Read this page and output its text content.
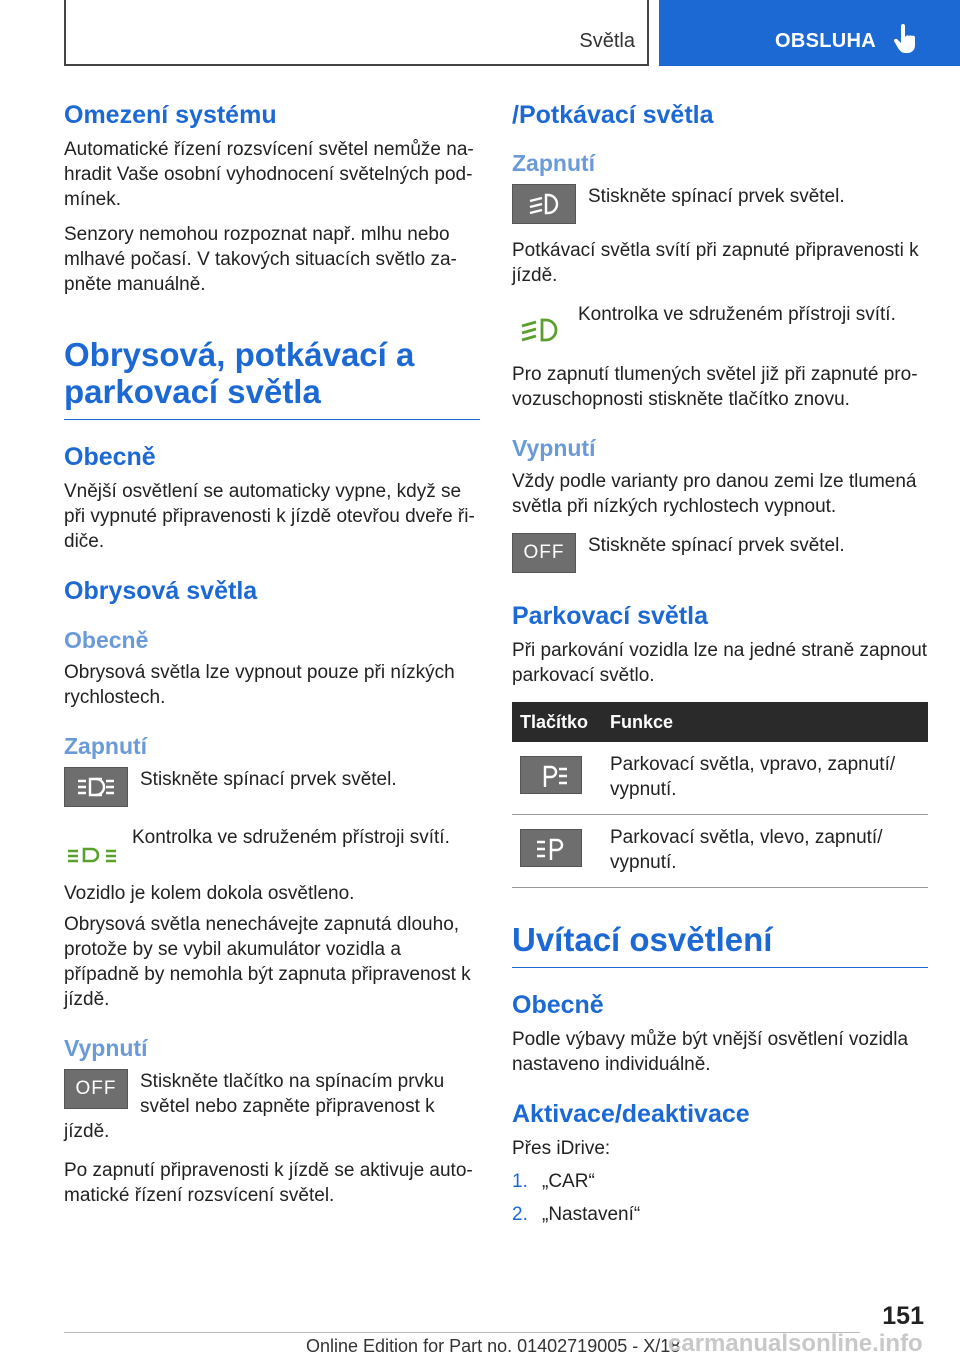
Světla	OBSLUHA
Omezení systému

Automatické řízení rozsvícení světel nemůže nahradit Vaše osobní vyhodnocení světelných podmínek.

Senzory nemohou rozpoznat např. mlhu nebo mlhavé počasí. V takových situacích světlo zapněte manuálně.

Obrysová, potkávací a parkovací světla
Obecně

Vnější osvětlení se automaticky vypne, když se při vypnuté připravenosti k jízdě otevřou dveře řidiče.

Obrysová světla
Obecně

Obrysová světla lze vypnout pouze při nízkých rychlostech.

Zapnutí
Stiskněte spínací prvek světel.
Kontrolka ve sdruženém přístroji svítí.

Vozidlo je kolem dokola osvětleno.

Obrysová světla nenechávejte zapnutá dlouho, protože by se vybil akumulátor vozidla a případně by nemohla být zapnuta připravenost k jízdě.

Vypnutí
OFF	Stiskněte tlačítko na spínacím prvku světel nebo zapněte připravenost k

jízdě.

Po zapnutí připravenosti k jízdě se aktivuje automatické řízení rozsvícení světel.

/Potkávací světla
Zapnutí
Stiskněte spínací prvek světel.

Potkávací světla svítí při zapnuté připravenosti k jízdě.

Kontrolka ve sdruženém přístroji svítí.

Pro zapnutí tlumených světel již při zapnuté provozuschopnosti stiskněte tlačítko znovu.

Vypnutí

Vždy podle varianty pro danou zemi lze tlumená světla při nízkých rychlostech vypnout.

OFF	Stiskněte spínací prvek světel.
Parkovací světla

Při parkování vozidla lze na jedné straně zapnout parkovací světlo.

Tlačítko	Funkce

	Parkovací světla, vpravo, zapnutí/ vypnutí.

	Parkovací světla, vlevo, zapnutí/ vypnutí.
Uvítací osvětlení
Obecně

Podle výbavy může být vnější osvětlení vozidla nastaveno individuálně.

Aktivace/deaktivace

Přes iDrive:

1. „CAR“
2. „Nastavení“
151
Online Edition for Part no. 01402719005 - X/18
carmanualsonline.info
